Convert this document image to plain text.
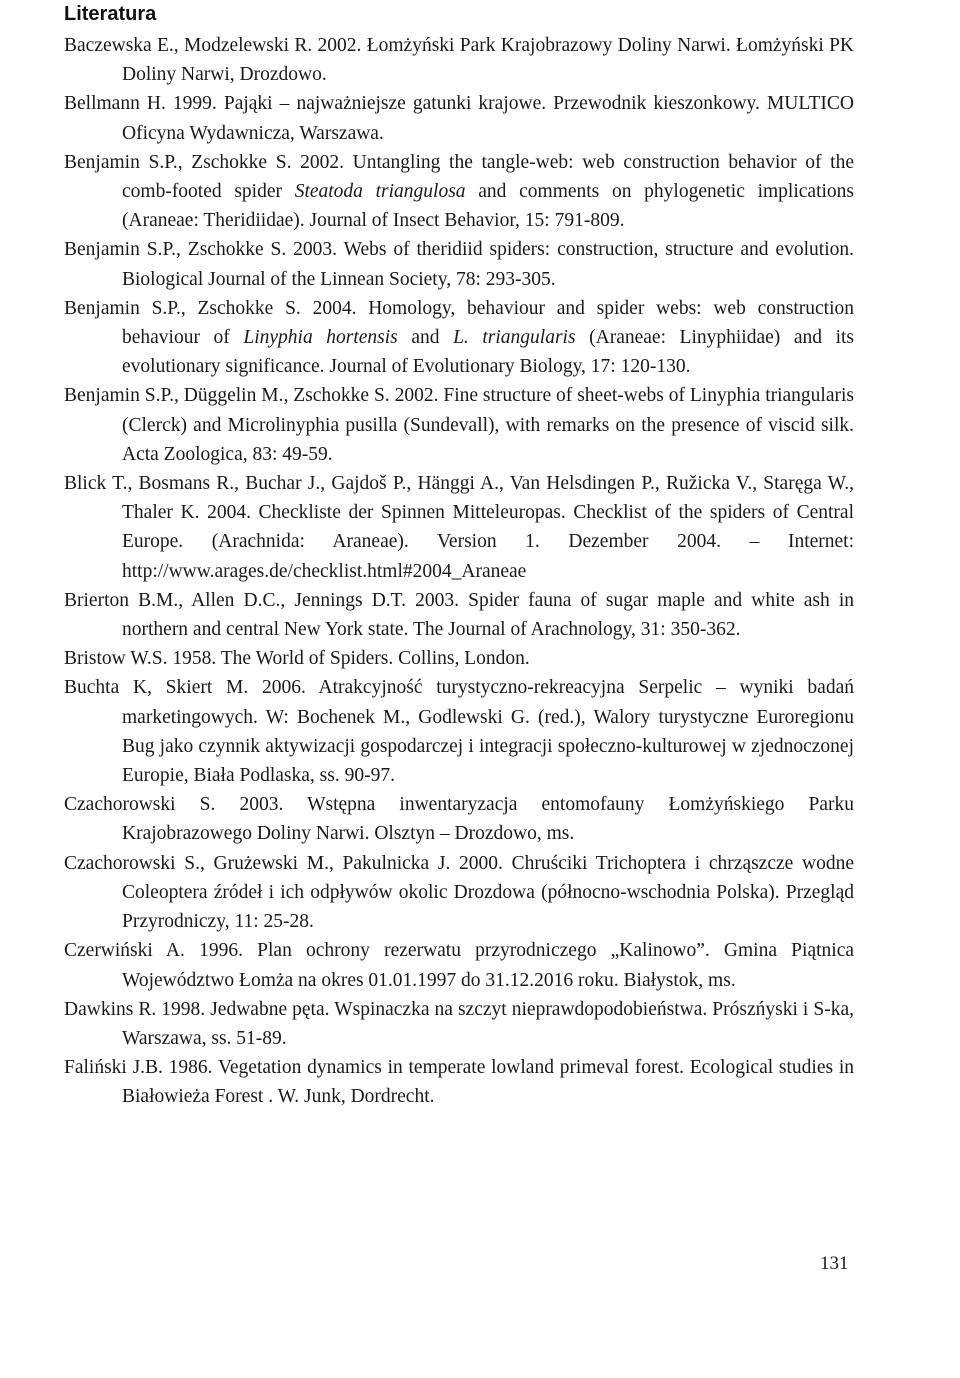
Literatura
Baczewska E., Modzelewski R. 2002. Łomżyński Park Krajobrazowy Doliny Narwi. Łomżyński PK Doliny Narwi, Drozdowo.
Bellmann H. 1999. Pająki – najważniejsze gatunki krajowe. Przewodnik kieszonkowy. MULTICO Oficyna Wydawnicza, Warszawa.
Benjamin S.P., Zschokke S. 2002. Untangling the tangle-web: web construction behavior of the comb-footed spider Steatoda triangulosa and comments on phylogenetic implications (Araneae: Theridiidae). Journal of Insect Behavior, 15: 791-809.
Benjamin S.P., Zschokke S. 2003. Webs of theridiid spiders: construction, structure and evolution. Biological Journal of the Linnean Society, 78: 293-305.
Benjamin S.P., Zschokke S. 2004. Homology, behaviour and spider webs: web construction behaviour of Linyphia hortensis and L. triangularis (Araneae: Linyphiidae) and its evolutionary significance. Journal of Evolutionary Biology, 17: 120-130.
Benjamin S.P., Düggelin M., Zschokke S. 2002. Fine structure of sheet-webs of Linyphia triangularis (Clerck) and Microlinyphia pusilla (Sundevall), with remarks on the presence of viscid silk. Acta Zoologica, 83: 49-59.
Blick T., Bosmans R., Buchar J., Gajdoš P., Hänggi A., Van Helsdingen P., Ružicka V., Staręga W., Thaler K. 2004. Checkliste der Spinnen Mitteleuropas. Checklist of the spiders of Central Europe. (Arachnida: Araneae). Version 1. Dezember 2004. – Internet: http://www.arages.de/checklist.html#2004_Araneae
Brierton B.M., Allen D.C., Jennings D.T. 2003. Spider fauna of sugar maple and white ash in northern and central New York state. The Journal of Arachnology, 31: 350-362.
Bristow W.S. 1958. The World of Spiders. Collins, London.
Buchta K, Skiert M. 2006. Atrakcyjność turystyczno-rekreacyjna Serpelic – wyniki badań marketingowych. W: Bochenek M., Godlewski G. (red.), Walory turystyczne Euroregionu Bug jako czynnik aktywizacji gospodarczej i integracji społeczno-kulturowej w zjednoczonej Europie, Biała Podlaska, ss. 90-97.
Czachorowski S. 2003. Wstępna inwentaryzacja entomofauny Łomżyńskiego Parku Krajobrazowego Doliny Narwi. Olsztyn – Drozdowo, ms.
Czachorowski S., Grużewski M., Pakulnicka J. 2000. Chruściki Trichoptera i chrząszcze wodne Coleoptera źródeł i ich odpływów okolic Drozdowa (północno-wschodnia Polska). Przegląd Przyrodniczy, 11: 25-28.
Czerwiński A. 1996. Plan ochrony rezerwatu przyrodniczego „Kalinowo”. Gmina Piątnica Województwo Łomża na okres 01.01.1997 do 31.12.2016 roku. Białystok, ms.
Dawkins R. 1998. Jedwabne pęta. Wspinaczka na szczyt nieprawdopodobieństwa. Prószńyski i S-ka, Warszawa, ss. 51-89.
Faliński J.B. 1986. Vegetation dynamics in temperate lowland primeval forest. Ecological studies in Białowieża Forest . W. Junk, Dordrecht.
131
